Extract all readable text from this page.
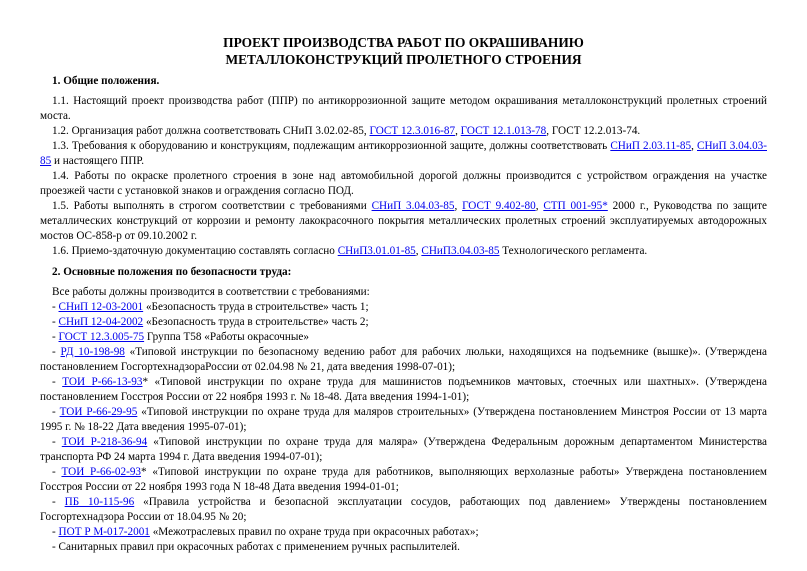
ПРОЕКТ ПРОИЗВОДСТВА РАБОТ ПО ОКРАШИВАНИЮ
МЕТАЛЛОКОНСТРУКЦИЙ ПРОЛЕТНОГО СТРОЕНИЯ
1. Общие положения.

1.1. Настоящий проект производства работ (ППР) по антикоррозионной защите методом окрашивания металлоконструкций пролетных строений моста.

1.2. Организация работ должна соответствовать СНиП 3.02.02-85, ГОСТ 12.3.016-87, ГОСТ 12.1.013-78, ГОСТ 12.2.013-74.

1.3. Требования к оборудованию и конструкциям, подлежащим антикоррозионной защите, должны соответствовать СНиП 2.03.11-85, СНиП 3.04.03-85 и настоящего ППР.

1.4. Работы по окраске пролетного строения в зоне над автомобильной дорогой должны производится с устройством ограждения на участке проезжей части с установкой знаков и ограждения согласно ПОД.

1.5. Работы выполнять в строгом соответствии с требованиями СНиП 3.04.03-85, ГОСТ 9.402-80, СТП 001-95* 2000 г., Руководства по защите металлических конструкций от коррозии и ремонту лакокрасочного покрытия металлических пролетных строений эксплуатируемых автодорожных мостов ОС-858-р от 09.10.2002 г.

1.6. Приемо-здаточную документацию составлять согласно СНиП3.01.01-85, СНиП3.04.03-85 Технологического регламента.

2. Основные положения по безопасности труда:

Все работы должны производится в соответствии с требованиями:

- СНиП 12-03-2001 «Безопасность труда в строительстве» часть 1;

- СНиП 12-04-2002 «Безопасность труда в строительстве» часть 2;

- ГОСТ 12.3.005-75 Группа Т58 «Работы окрасочные»

- РД 10-198-98 «Типовой инструкции по безопасному ведению работ для рабочих люльки, находящихся на подъемнике (вышке)». (Утверждена постановлением ГосгортехнадзораРоссии от 02.04.98 № 21, дата введения 1998-07-01);

- ТОИ Р-66-13-93* «Типовой инструкции по охране труда для машинистов подъемников мачтовых, стоечных или шахтных». (Утверждена постановлением Госстроя России от 22 ноября 1993 г. № 18-48. Дата введения 1994-1-01);

- ТОИ Р-66-29-95 «Типовой инструкции по охране труда для маляров строительных» (Утверждена постановлением Минстроя России от 13 марта 1995 г. № 18-22 Дата введения 1995-07-01);

- ТОИ Р-218-36-94 «Типовой инструкции по охране труда для маляра» (Утверждена Федеральным дорожным департаментом Министерства транспорта РФ 24 марта 1994 г. Дата введения 1994-07-01);

- ТОИ Р-66-02-93* «Типовой инструкции по охране труда для работников, выполняющих верхолазные работы» Утверждена постановлением Госстроя России от 22 ноября 1993 года N 18-48 Дата введения 1994-01-01;

- ПБ 10-115-96 «Правила устройства и безопасной эксплуатации сосудов, работающих под давлением» Утверждены постановлением Госгортехнадзора России от 18.04.95 № 20;

- ПОТ Р М-017-2001 «Межотраслевых правил по охране труда при окрасочных работах»;

- Санитарных правил при окрасочных работах с применением ручных распылителей.
